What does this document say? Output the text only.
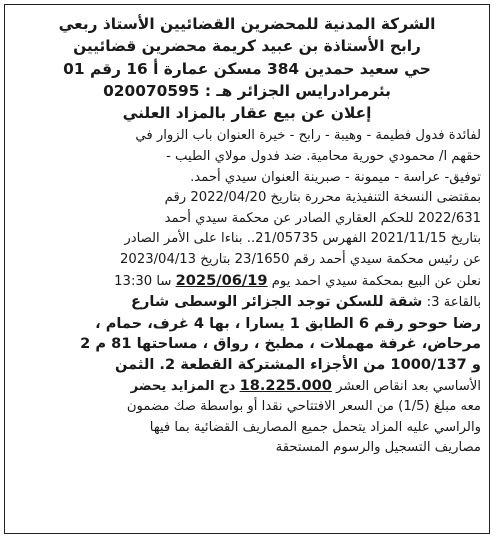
الشركة المدنية للمحضرين القضائيين الأستاذ ربعي
رابح الأستاذة بن عبيد كريمة محضرين قضائيين
حي سعيد حمدين 384 مسكن عمارة أ 16 رقم 01
بئرمرادرايس الجزائر هـ : 020070595
إعلان عن بيع عقار بالمزاد العلني
لفائدة فدول فطيمة - وهيبة - رابح - خيرة العنوان باب الزوار في
حقهم ا/ محمودي حورية محامية. ضد فدول مولاي الطيب -
توفيق- عراسة - ميمونة - صبرينة العنوان سيدي أحمد.
بمقتضى النسخة التنفيذية محررة بتاريخ 2022/04/20 رقم
2022/631 للحكم العقاري الصادر عن محكمة سيدي أحمد
بتاريخ 2021/11/15 الفهرس 21/05735.. بناءا على الأمر الصادر
عن رئيس محكمة سيدي أحمد رقم 23/1650 بتاريخ 2023/04/13
نعلن عن البيع بمحكمة سيدي احمد يوم 2025/06/19 سا 13:30
بالقاعة 3: شقة للسكن توجد الجزائر الوسطى شارع
رضا حوحو رقم 6 الطابق 1 يسارا ، بها 4 غرف، حمام ،
مرحاض، غرفة مهملات ، مطبخ ، رواق ، مساحتها 81 م 2
و 1000/137 من الأجزاء المشتركة القطعة 2. الثمن
الأساسي بعد انقاص العشر 18.225.000 دج المزايد يحضر
معه مبلغ (1/5) من السعر الافتتاحي نقدا أو بواسطة صك مضمون
والراسي عليه المزاد يتحمل جميع المصاريف القضائية بما فيها
مصاريف التسجيل والرسوم المستحقة
